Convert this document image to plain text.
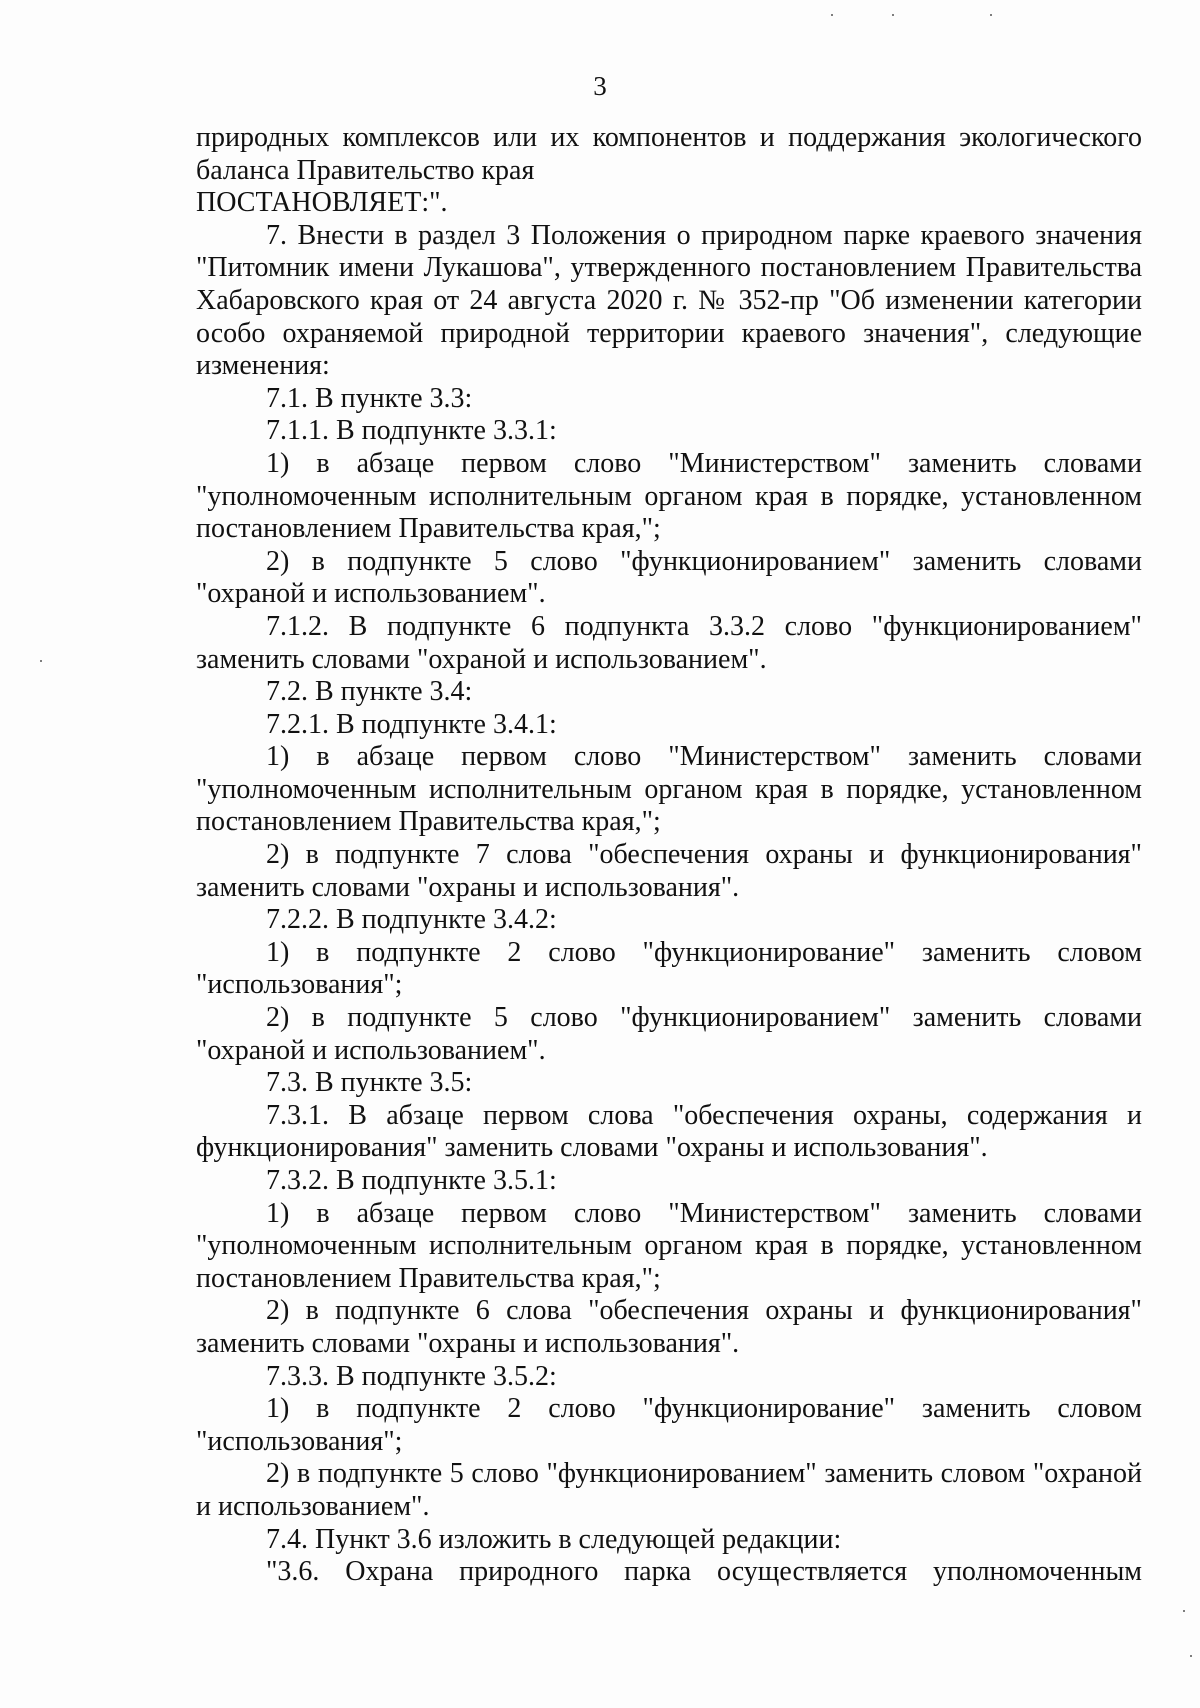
3

природных комплексов или их компонентов и поддержания экологического баланса Правительство края

ПОСТАНОВЛЯЕТ:".

7. Внести в раздел 3 Положения о природном парке краевого значения "Питомник имени Лукашова", утвержденного постановлением Правительства Хабаровского края от 24 августа 2020 г. № 352-пр "Об изменении категории особо охраняемой природной территории краевого значения", следующие изменения:

7.1. В пункте 3.3:

7.1.1. В подпункте 3.3.1:

1) в абзаце первом слово "Министерством" заменить словами "уполномоченным исполнительным органом края в порядке, установленном постановлением Правительства края,";

2) в подпункте 5 слово "функционированием" заменить словами "охраной и использованием".

7.1.2. В подпункте 6 подпункта 3.3.2 слово "функционированием" заменить словами "охраной и использованием".

7.2. В пункте 3.4:

7.2.1. В подпункте 3.4.1:

1) в абзаце первом слово "Министерством" заменить словами "уполномоченным исполнительным органом края в порядке, установленном постановлением Правительства края,";

2) в подпункте 7 слова "обеспечения охраны и функционирования" заменить словами "охраны и использования".

7.2.2. В подпункте 3.4.2:

1) в подпункте 2 слово "функционирование" заменить словом "использования";

2) в подпункте 5 слово "функционированием" заменить словами "охраной и использованием".

7.3. В пункте 3.5:

7.3.1. В абзаце первом слова "обеспечения охраны, содержания и функционирования" заменить словами "охраны и использования".

7.3.2. В подпункте 3.5.1:

1) в абзаце первом слово "Министерством" заменить словами "уполномоченным исполнительным органом края в порядке, установленном постановлением Правительства края,";

2) в подпункте 6 слова "обеспечения охраны и функционирования" заменить словами "охраны и использования".

7.3.3. В подпункте 3.5.2:

1) в подпункте 2 слово "функционирование" заменить словом "использования";

2) в подпункте 5 слово "функционированием" заменить словом "охраной и использованием".

7.4. Пункт 3.6 изложить в следующей редакции:

"3.6. Охрана природного парка осуществляется уполномоченным
